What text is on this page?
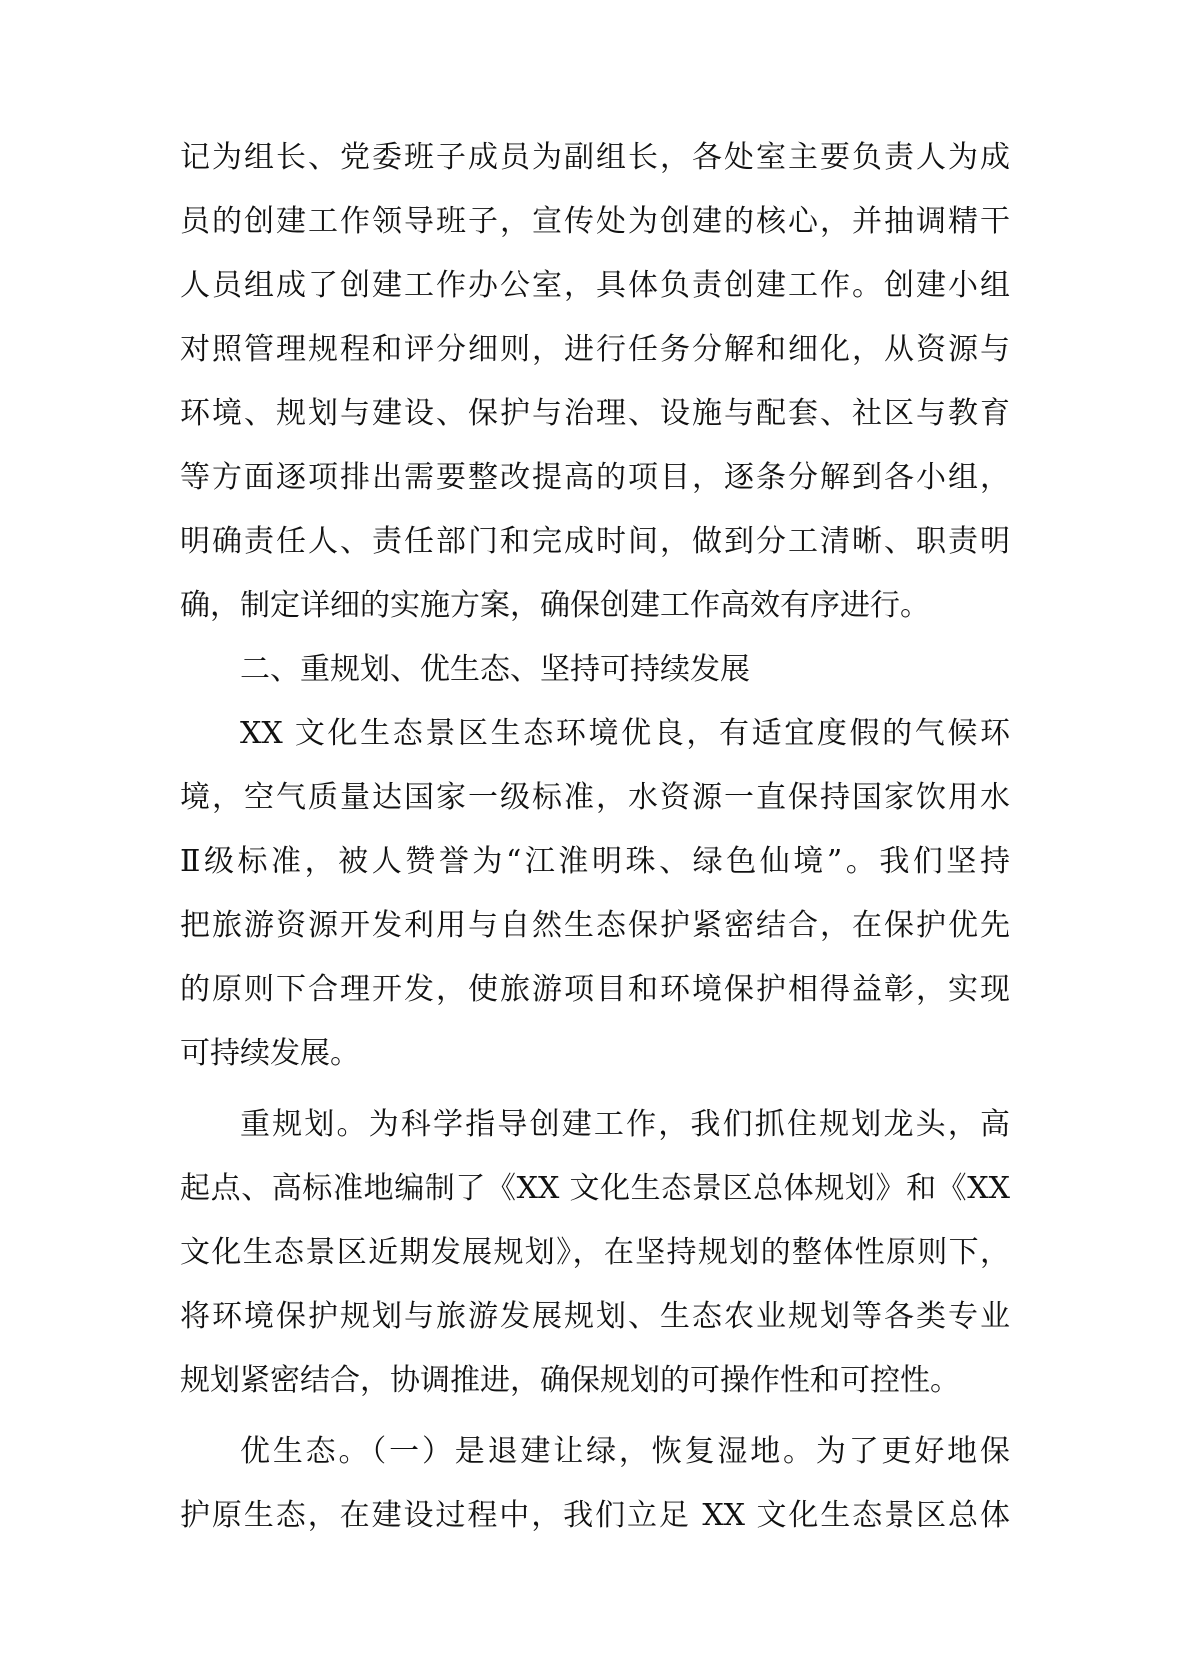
记为组长、党委班子成员为副组长，各处室主要负责人为成
员的创建工作领导班子，宣传处为创建的核心，并抽调精干
人员组成了创建工作办公室，具体负责创建工作。创建小组
对照管理规程和评分细则，进行任务分解和细化，从资源与
环境、规划与建设、保护与治理、设施与配套、社区与教育
等方面逐项排出需要整改提高的项目，逐条分解到各小组，
明确责任人、责任部门和完成时间，做到分工清晰、职责明
确，制定详细的实施方案，确保创建工作高效有序进行。
二、重规划、优生态、坚持可持续发展
XX 文化生态景区生态环境优良，有适宜度假的气候环
境，空气质量达国家一级标准，水资源一直保持国家饮用水
Ⅱ级标准，被人赞誉为“江淮明珠、绿色仙境”。我们坚持
把旅游资源开发利用与自然生态保护紧密结合，在保护优先
的原则下合理开发，使旅游项目和环境保护相得益彰，实现
可持续发展。
重规划。为科学指导创建工作，我们抓住规划龙头，高
起点、高标准地编制了《XX 文化生态景区总体规划》和《XX
文化生态景区近期发展规划》，在坚持规划的整体性原则下，
将环境保护规划与旅游发展规划、生态农业规划等各类专业
规划紧密结合，协调推进，确保规划的可操作性和可控性。
优生态。（一）是退建让绿，恢复湿地。为了更好地保
护原生态，在建设过程中，我们立足 XX 文化生态景区总体
